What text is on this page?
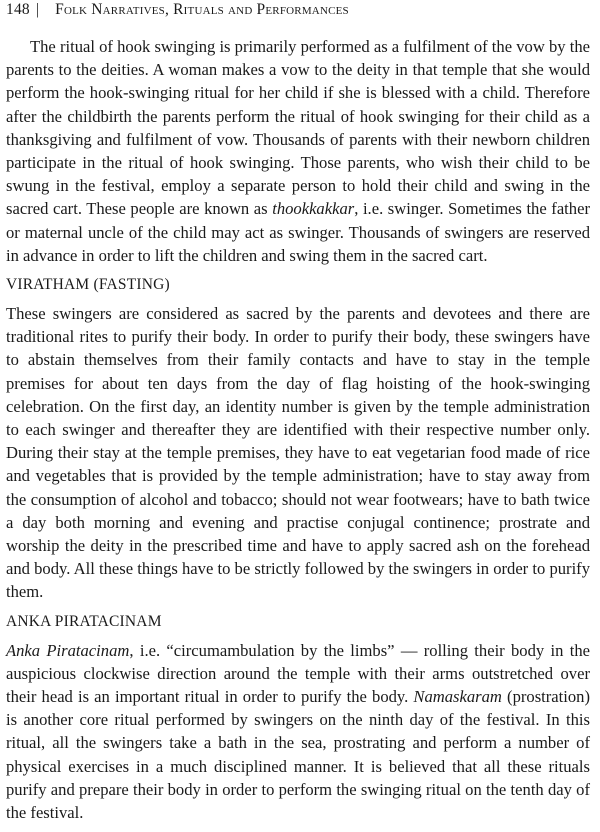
148 | Folk Narratives, Rituals and Performances

The ritual of hook swinging is primarily performed as a fulfilment of the vow by the parents to the deities. A woman makes a vow to the deity in that temple that she would perform the hook-swinging ritual for her child if she is blessed with a child. Therefore after the childbirth the parents perform the ritual of hook swinging for their child as a thanksgiving and fulfilment of vow. Thousands of parents with their newborn children participate in the ritual of hook swinging. Those parents, who wish their child to be swung in the festival, employ a separate person to hold their child and swing in the sacred cart. These people are known as thookkakkar, i.e. swinger. Sometimes the father or maternal uncle of the child may act as swinger. Thousands of swingers are reserved in advance in order to lift the children and swing them in the sacred cart.

VIRATHAM (FASTING)

These swingers are considered as sacred by the parents and devotees and there are traditional rites to purify their body. In order to purify their body, these swingers have to abstain themselves from their family contacts and have to stay in the temple premises for about ten days from the day of flag hoisting of the hook-swinging celebration. On the first day, an identity number is given by the temple administration to each swinger and thereafter they are identified with their respective number only. During their stay at the temple premises, they have to eat vegetarian food made of rice and vegetables that is provided by the temple administration; have to stay away from the consumption of alcohol and tobacco; should not wear footwears; have to bath twice a day both morning and evening and practise conjugal continence; prostrate and worship the deity in the prescribed time and have to apply sacred ash on the forehead and body. All these things have to be strictly followed by the swingers in order to purify them.

ANKA PIRATACINAM

Anka Piratacinam, i.e. “circumambulation by the limbs” — rolling their body in the auspicious clockwise direction around the temple with their arms outstretched over their head is an important ritual in order to purify the body. Namaskaram (prostration) is another core ritual performed by swingers on the ninth day of the festival. In this ritual, all the swingers take a bath in the sea, prostrating and perform a number of physical exercises in a much disciplined manner. It is believed that all these rituals purify and prepare their body in order to perform the swinging ritual on the tenth day of the festival.
